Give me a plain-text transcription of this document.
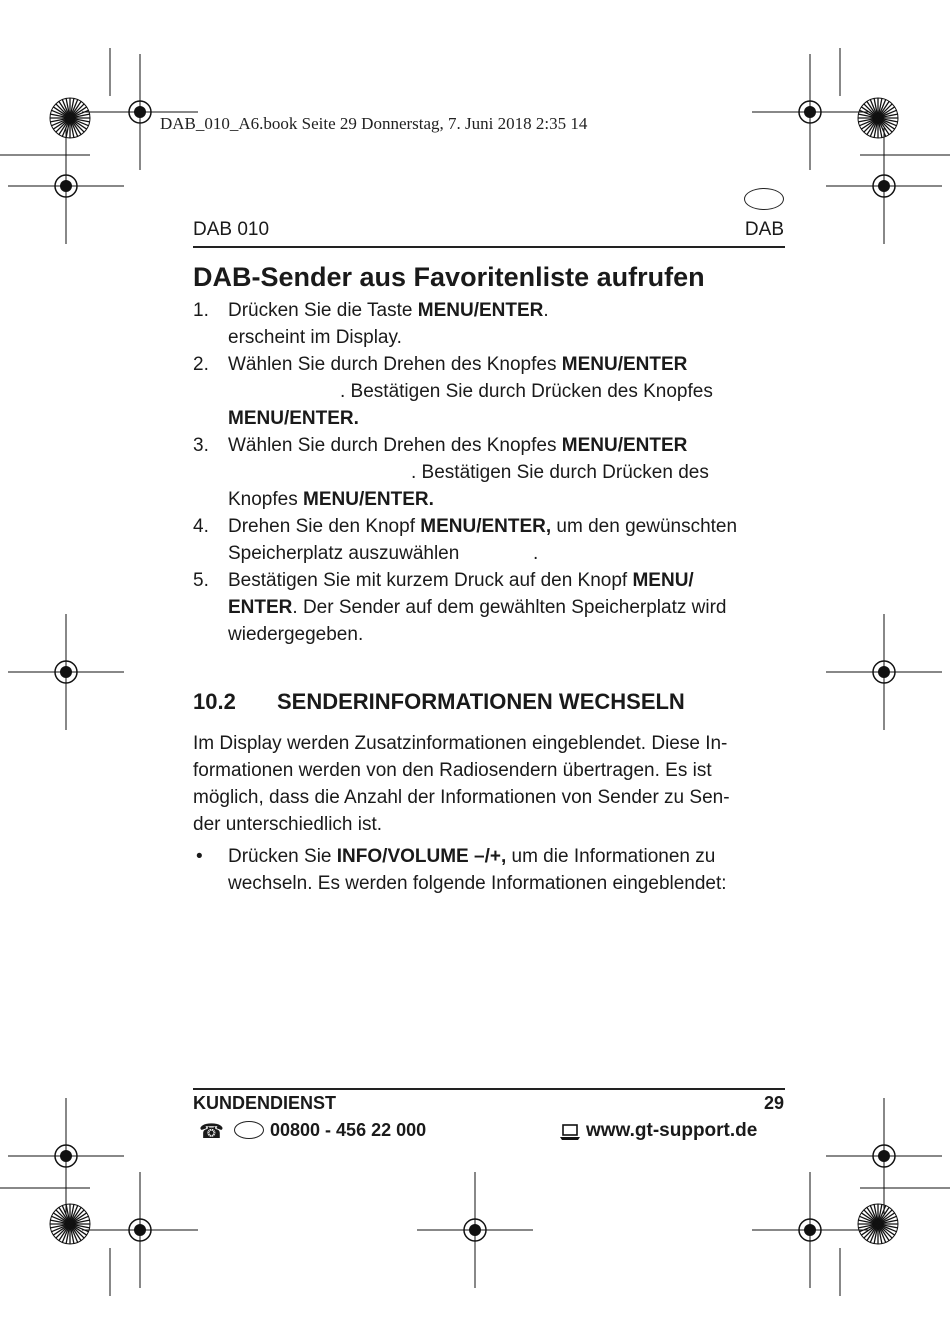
DAB_010_A6.book Seite 29 Donnerstag, 7. Juni 2018 2:35 14
DAB 010	DAB
DAB-Sender aus Favoritenliste aufrufen
1. Drücken Sie die Taste MENU/ENTER.
erscheint im Display.
2. Wählen Sie durch Drehen des Knopfes MENU/ENTER
. Bestätigen Sie durch Drücken des Knopfes
MENU/ENTER.
3. Wählen Sie durch Drehen des Knopfes MENU/ENTER
. Bestätigen Sie durch Drücken des
Knopfes MENU/ENTER.
4. Drehen Sie den Knopf MENU/ENTER, um den gewünschten
Speicherplatz auszuwählen	.
5. Bestätigen Sie mit kurzem Druck auf den Knopf MENU/
ENTER. Der Sender auf dem gewählten Speicherplatz wird
wiedergegeben.
10.2 SENDERINFORMATIONEN WECHSELN
Im Display werden Zusatzinformationen eingeblendet. Diese In-
formationen werden von den Radiosendern übertragen. Es ist
möglich, dass die Anzahl der Informationen von Sender zu Sen-
der unterschiedlich ist.
• Drücken Sie INFO/VOLUME –/+, um die Informationen zu
wechseln. Es werden folgende Informationen eingeblendet:
KUNDENDIENST	29
☎	00800 - 456 22 000	www.gt-support.de
